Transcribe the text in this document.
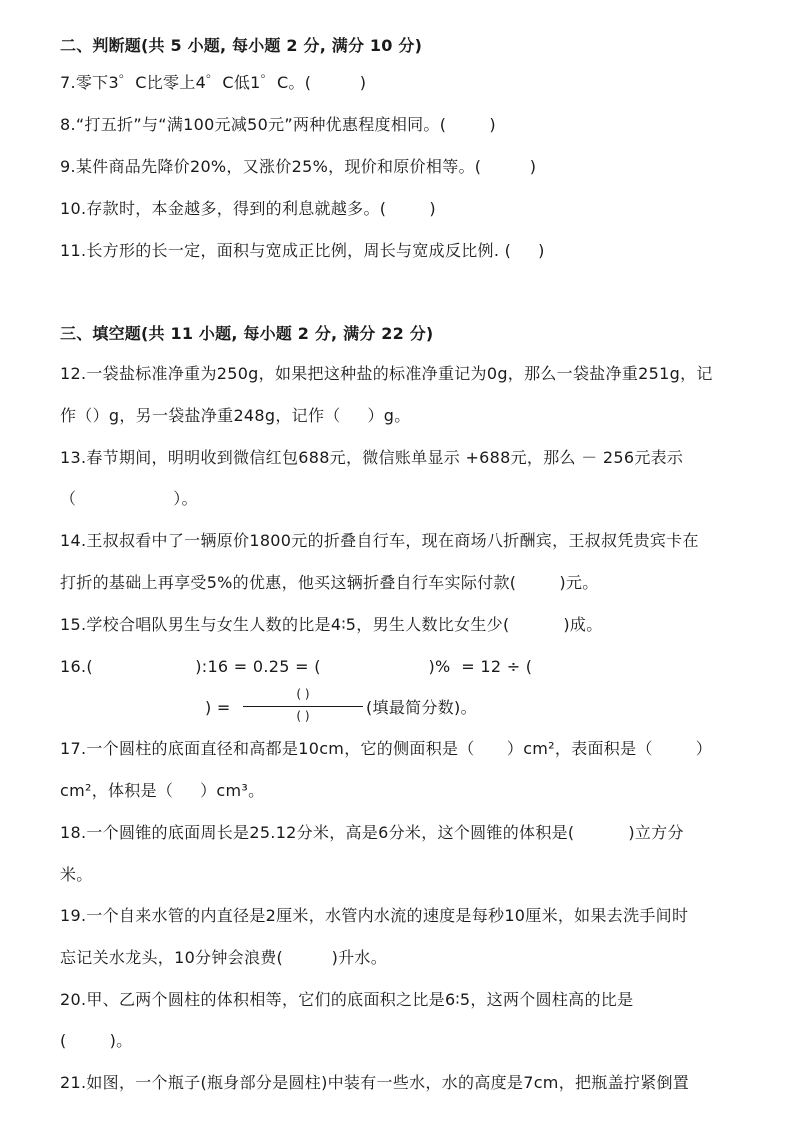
二、判断题(共 5 小题, 每小题 2 分, 满分 10 分)
7.零下3゜C比零上4゜C低1゜C。(         )
8.“打五折”与“满100元减50元”两种优惠程度相同。(        )
9.某件商品先降价20%，又涨价25%，现价和原价相等。(         )
10.存款时，本金越多，得到的利息就越多。(        )
11.长方形的长一定，面积与宽成正比例，周长与宽成反比例. (     )
三、填空题(共 11 小题, 每小题 2 分, 满分 22 分)
12.一袋盐标准净重为250g，如果把这种盐的标准净重记为0g，那么一袋盐净重251g，记
作（）g，另一袋盐净重248g，记作（     ）g。
13.春节期间，明明收到微信红包688元，微信账单显示 +688元，那么 － 256元表示
（                  ）。
14.王叔叔看中了一辆原价1800元的折叠自行车，现在商场八折酬宾，王叔叔凭贵宾卡在
打折的基础上再享受5%的优惠，他买这辆折叠自行车实际付款(        )元。
15.学校合唱队男生与女生人数的比是4∶5，男生人数比女生少(          )成。
16.(                   ):16 = 0.25 = (                    )%  = 12 ÷ (
) =
( )
( )	(填最简分数)。
17.一个圆柱的底面直径和高都是10cm，它的侧面积是（      ）cm²，表面积是（        ）
cm²，体积是（     ）cm³。
18.一个圆锥的底面周长是25.12分米，高是6分米，这个圆锥的体积是(          )立方分
米。
19.一个自来水管的内直径是2厘米，水管内水流的速度是每秒10厘米，如果去洗手间时
忘记关水龙头，10分钟会浪费(         )升水。
20.甲、乙两个圆柱的体积相等，它们的底面积之比是6∶5，这两个圆柱高的比是
(        )。
21.如图，一个瓶子(瓶身部分是圆柱)中装有一些水，水的高度是7cm，把瓶盖拧紧倒置
